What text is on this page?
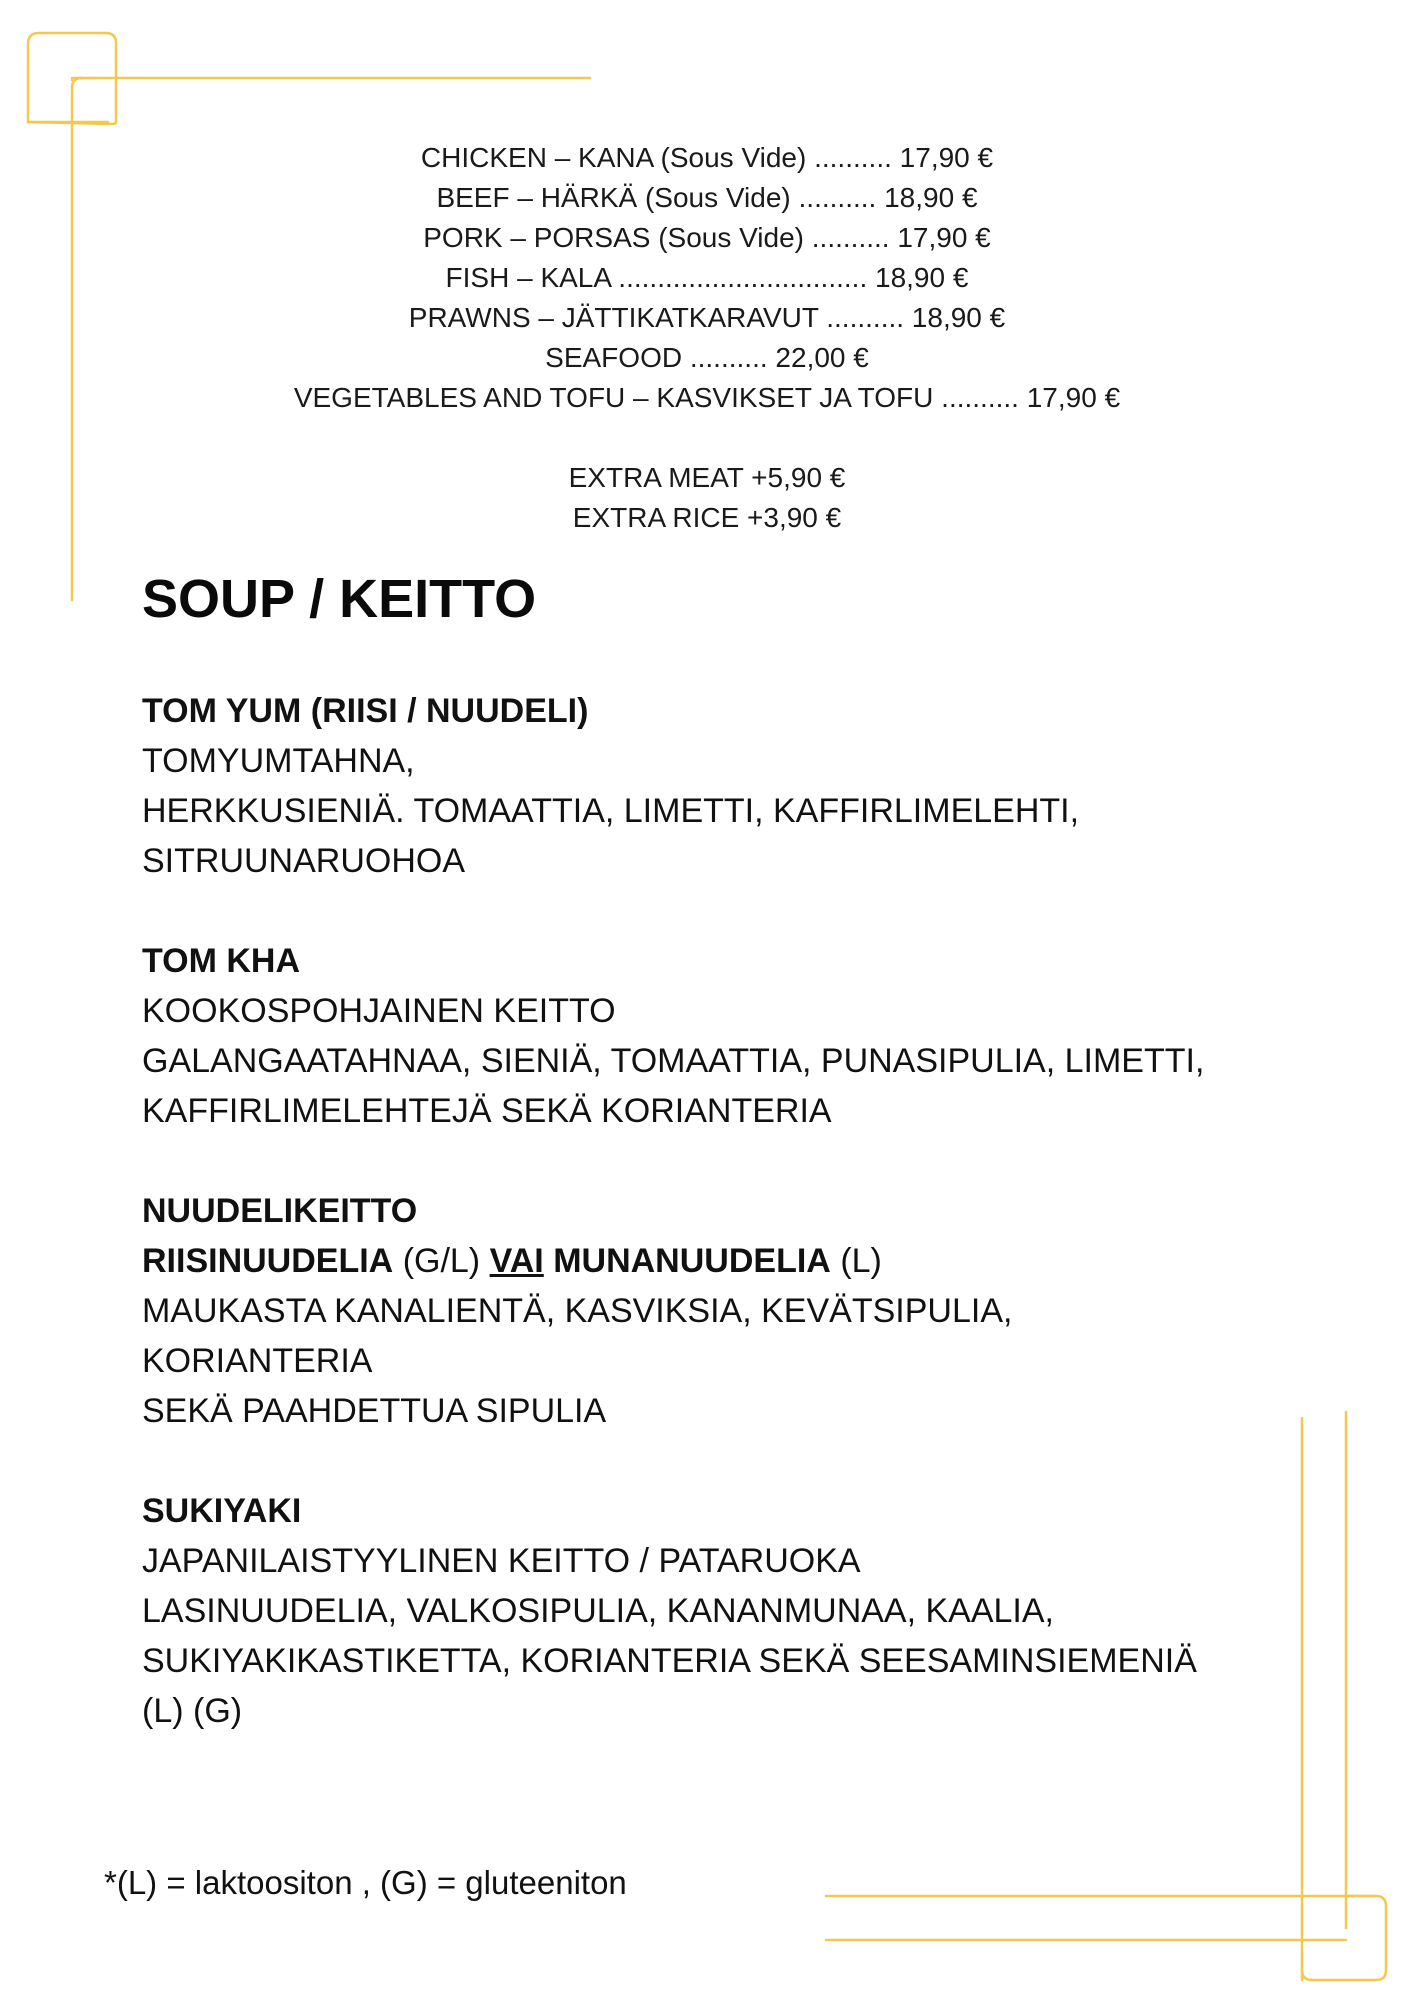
CHICKEN – KANA (Sous Vide) .......... 17,90 €
BEEF – HÄRKÄ (Sous Vide) .......... 18,90 €
PORK – PORSAS (Sous Vide) .......... 17,90 €
FISH – KALA ................................ 18,90 €
PRAWNS – JÄTTIKATKARAVUT .......... 18,90 €
SEAFOOD .......... 22,00 €
VEGETABLES AND TOFU – KASVIKSET JA TOFU .......... 17,90 €
EXTRA MEAT +5,90 €
EXTRA RICE +3,90 €
SOUP / KEITTO
TOM YUM (RIISI / NUUDELI)
TOMYUMTAHNA,
HERKKUSIENIÄ. TOMAATTIA, LIMETTI, KAFFIRLIMELEHTI,
SITRUUNARUOHOA
TOM KHA
KOOKOSPOHJAINEN KEITTO
GALANGAATAHNAA, SIENIÄ, TOMAATTIA, PUNASIPULIA, LIMETTI,
KAFFIRLIMELEHTEJÄ SEKÄ KORIANTERIA
NUUDELIKEITTO
RIISINUUDELIA (G/L) VAI MUNANUUDELIA (L)
MAUKASTA KANALIENTÄ, KASVIKSIA, KEVÄTSIPULIA,
KORIANTERIA
SEKÄ PAAHDETTUA SIPULIA
SUKIYAKI
JAPANILAISTYYLINEN KEITTO / PATARUOKA
LASINUUDELIA, VALKOSIPULIA, KANANMUNAA, KAALIA,
SUKIYAKIKASTIKETTA, KORIANTERIA SEKÄ SEESAMINSIEMENIÄ
(L) (G)
*(L) = laktoositon , (G) = gluteeniton
